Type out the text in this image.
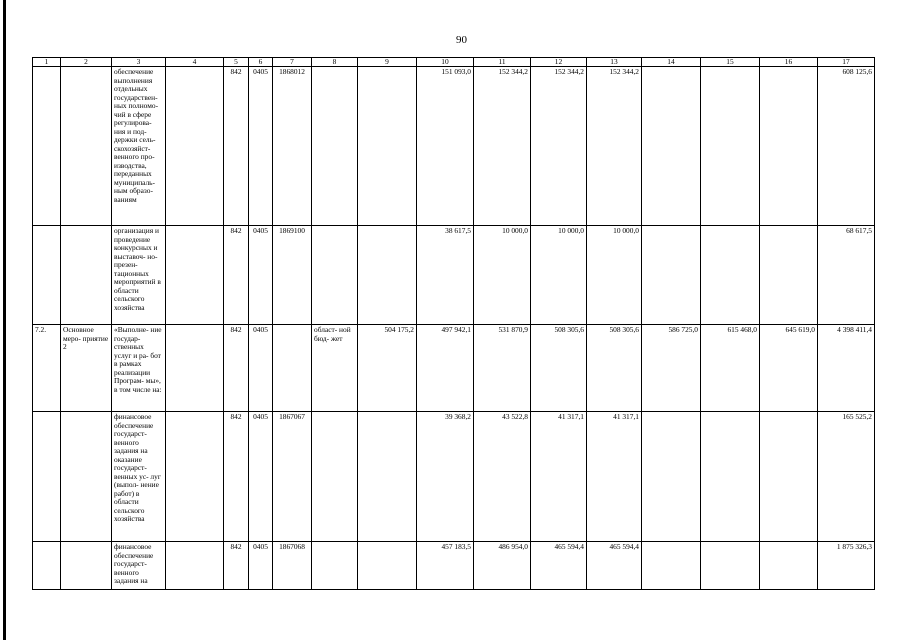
90
1	2	3	4	5	6	7	8	9	10	11	12	13	14	15	16	17
		обеспечение выполнения отдельных государствен- ных полномо- чий в сфере регулирова- ния и под- держки сель- скохозяйст- венного про- изводства, переданных муниципаль- ным образо- ваниям		842	0405	1868012			151 093,0	152 344,2	152 344,2	152 344,2				608 125,6
		организация и проведение конкурсных и выставоч- но-презен- тационных мероприятий в области сельского хозяйства		842	0405	1869100			38 617,5	10 000,0	10 000,0	10 000,0				68 617,5
7.2.	Основное меро- приятие 2	«Выполне- ние государ- ственных услуг и ра- бот в рамках реализации Програм- мы», в том числе на:		842	0405		област- ной бюд- жет	504 175,2	497 942,1	531 870,9	508 305,6	508 305,6	586 725,0	615 468,0	645 619,0	4 398 411,4
		финансовое обеспечение государст- венного задания на оказание государст- венных ус- луг (выпол- нение работ) в области сельского хозяйства		842	0405	1867067			39 368,2	43 522,8	41 317,1	41 317,1				165 525,2
		финансовое обеспечение государст- венного задания на		842	0405	1867068			457 183,5	486 954,0	465 594,4	465 594,4				1 875 326,3
